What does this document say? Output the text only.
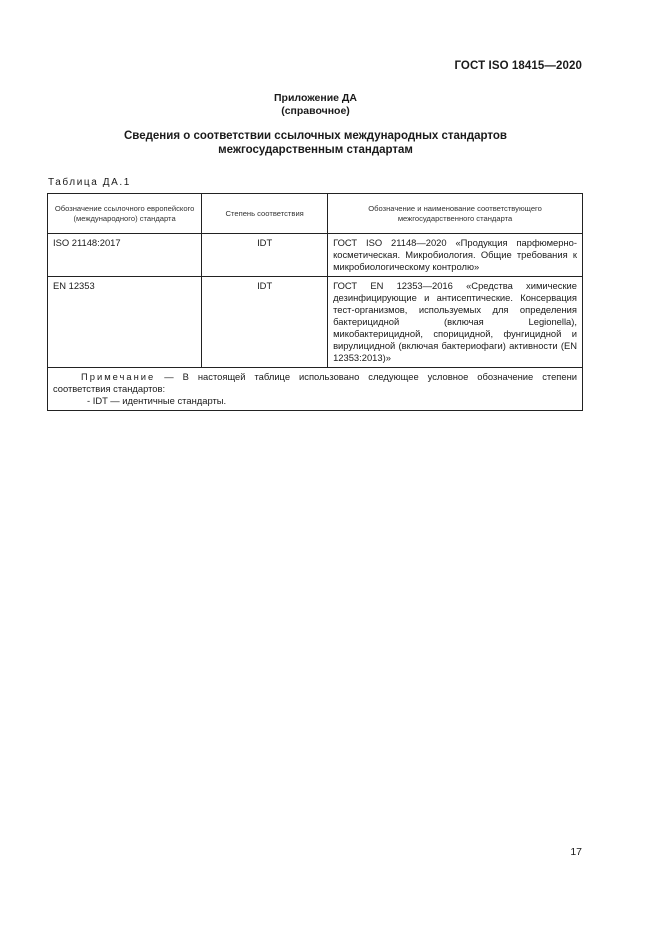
ГОСТ ISO 18415—2020
Приложение ДА
(справочное)
Сведения о соответствии ссылочных международных стандартов
межгосударственным стандартам
Таблица ДА.1
Обозначение ссылочного европейского (международного) стандарта	Степень соответствия	Обозначение и наименование соответствующего межгосударственного стандарта
ISO 21148:2017	IDT	ГОСТ ISO 21148—2020 «Продукция парфюмерно-косметическая. Микробиология. Общие требования к микробиологическому контролю»
EN 12353	IDT	ГОСТ EN 12353—2016 «Средства химические дезинфицирующие и антисептические. Консервация тест-организмов, используемых для определения бактерицидной (включая Legionella), микобактерицидной, спорицидной, фунгицидной и вирулицидной (включая бактериофаги) активности (EN 12353:2013)»

Примечание — В настоящей таблице использовано следующее условное обозначение степени соответствия стандартов:
- IDT — идентичные стандарты.		
17
